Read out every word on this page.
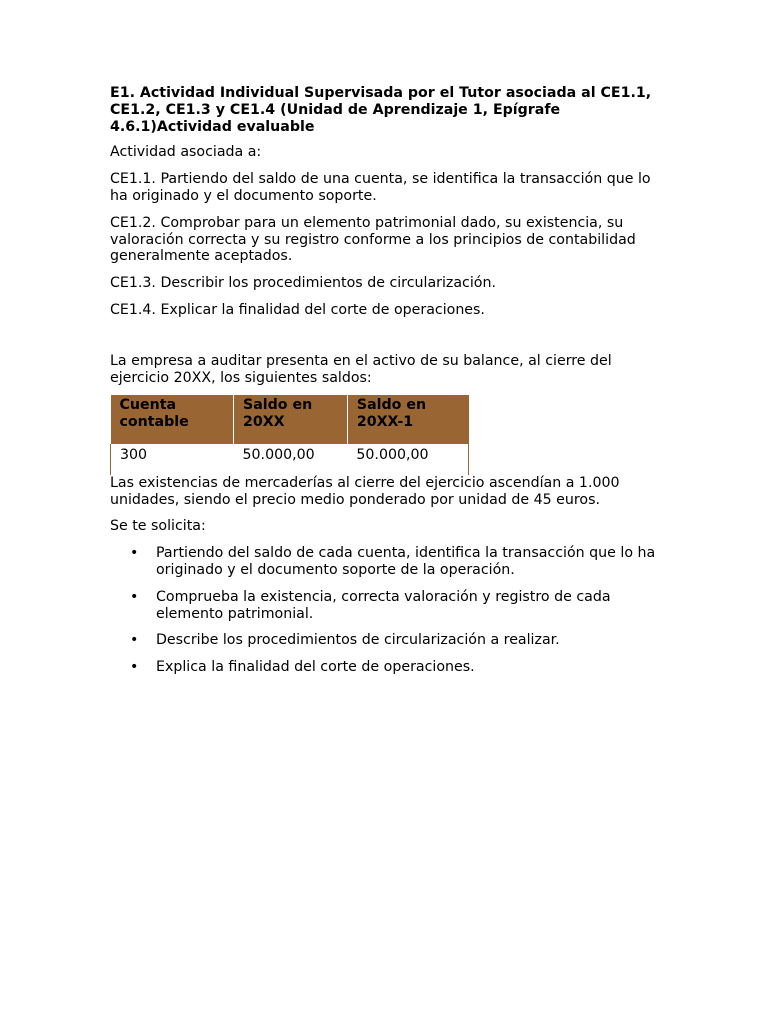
E1. Actividad Individual Supervisada por el Tutor asociada al CE1.1, CE1.2, CE1.3 y CE1.4 (Unidad de Aprendizaje 1, Epígrafe 4.6.1)Actividad evaluable
Actividad asociada a:
CE1.1. Partiendo del saldo de una cuenta, se identifica la transacción que lo ha originado y el documento soporte.
CE1.2. Comprobar para un elemento patrimonial dado, su existencia, su valoración correcta y su registro conforme a los principios de contabilidad generalmente aceptados.
CE1.3. Describir los procedimientos de circularización.
CE1.4. Explicar la finalidad del corte de operaciones.
La empresa a auditar presenta en el activo de su balance, al cierre del ejercicio 20XX, los siguientes saldos:
Cuenta contable	Saldo en 20XX	Saldo en 20XX-1
300	50.000,00	50.000,00
Las existencias de mercaderías al cierre del ejercicio ascendían a 1.000 unidades, siendo el precio medio ponderado por unidad de 45 euros.
Se te solicita:
• Partiendo del saldo de cada cuenta, identifica la transacción que lo ha originado y el documento soporte de la operación.
• Comprueba la existencia, correcta valoración y registro de cada elemento patrimonial.
• Describe los procedimientos de circularización a realizar.
• Explica la finalidad del corte de operaciones.
